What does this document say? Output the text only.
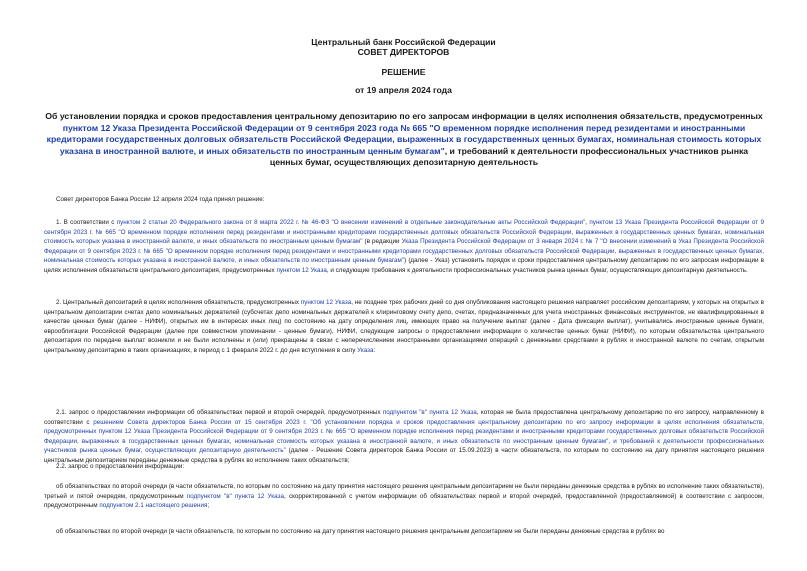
Центральный банк Российской Федерации
СОВЕТ ДИРЕКТОРОВ
РЕШЕНИЕ
от 19 апреля 2024 года
Об установлении порядка и сроков предоставления центральному депозитарию по его запросам информации в целях исполнения обязательств, предусмотренных пунктом 12 Указа Президента Российской Федерации от 9 сентября 2023 года № 665 "О временном порядке исполнения перед резидентами и иностранными кредиторами государственных долговых обязательств Российской Федерации, выраженных в государственных ценных бумагах, номинальная стоимость которых указана в иностранной валюте, и иных обязательств по иностранным ценным бумагам", и требований к деятельности профессиональных участников рынка ценных бумаг, осуществляющих депозитарную деятельность

Совет директоров Банка России 12 апреля 2024 года принял решение:

1. В соответствии с пунктом 2 статьи 20 Федерального закона от 8 марта 2022 г. № 46-ФЗ "О внесении изменений в отдельные законодательные акты Российской Федерации", пунктом 13 Указа Президента Российской Федерации от 9 сентября 2023 г. № 665 "О временном порядке исполнения перед резидентами и иностранными кредиторами государственных долговых обязательств Российской Федерации, выраженных в государственных ценных бумагах, номинальная стоимость которых указана в иностранной валюте, и иных обязательств по иностранным ценным бумагам" (в редакции Указа Президента Российской Федерации от 3 января 2024 г. № 7 "О внесении изменений в Указ Президента Российской Федерации от 9 сентября 2023 г. № 665 "О временном порядке исполнения перед резидентами и иностранными кредиторами государственных долговых обязательств Российской Федерации, выраженных в государственных ценных бумагах, номинальная стоимость которых указана в иностранной валюте, и иных обязательств по иностранным ценным бумагам") (далее - Указ) установить порядок и сроки предоставления центральному депозитарию по его запросам информации в целях исполнения обязательств центрального депозитария, предусмотренных пунктом 12 Указа, и следующие требования к деятельности профессиональных участников рынка ценных бумаг, осуществляющих депозитарную деятельность.

2. Центральный депозитарий в целях исполнения обязательств, предусмотренных пунктом 12 Указа, не позднее трех рабочих дней со дня опубликования настоящего решения направляет российским депозитариям, у которых на открытых в центральном депозитарии счетах депо номинальных держателей (субсчетах депо номинальных держателей к клиринговому счету депо, счетах, предназначенных для учета иностранных финансовых инструментов, не квалифицированных в качестве ценных бумаг (далее - НИФИ), открытых им в интересах иных лиц) по состоянию на дату определения лиц, имеющих право на получение выплат (далее - Дата фиксации выплат), учитывались иностранные ценные бумаги, еврооблигации Российской Федерации (далее при совместном упоминании - ценные бумаги), НИФИ, следующие запросы о предоставлении информации о количестве ценных бумаг (НИФИ), по которым обязательства центрального депозитария по передаче выплат возникли и не были исполнены и (или) прекращены в связи с неперечислением иностранными организациями операций с денежными средствами в рублях и иностранной валюте по счетам, открытым центральному депозитарию в таких организациях, в период с 1 февраля 2022 г. до дня вступления в силу Указа:

2.1. запрос о предоставлении информации об обязательствах первой и второй очередей, предусмотренных подпунктом "в" пункта 12 Указа, которая не была предоставлена центральному депозитарию по его запросу, направленному в соответствии с решением Совета директоров Банка России от 15 сентября 2023 г. "Об установлении порядка и сроков предоставления центральному депозитарию по его запросу информации в целях исполнения обязательств, предусмотренных пунктом 12 Указа Президента Российской Федерации от 9 сентября 2023 г. № 665 "О временном порядке исполнения перед резидентами и иностранными кредиторами государственных долговых обязательств Российской Федерации, выраженных в государственных ценных бумагах, номинальная стоимость которых указана в иностранной валюте, и иных обязательств по иностранным ценным бумагам", и требований к деятельности профессиональных участников рынка ценных бумаг, осуществляющих депозитарную деятельность" (далее - Решение Совета директоров Банка России от 15.09.2023) в части обязательств, по которым по состоянию на дату принятия настоящего решения центральным депозитарием переданы денежные средства в рублях во исполнение таких обязательств;

2.2. запрос о предоставлении информации:

об обязательствах по второй очереди (в части обязательств, по которым по состоянию на дату принятия настоящего решения центральным депозитарием не были переданы денежные средства в рублях во исполнение таких обязательств), третьей и пятой очередям, предусмотренным подпунктом "в" пункта 12 Указа, скорректированной с учетом информации об обязательствах первой и второй очередей, предоставленной (предоставляемой) в соответствии с запросом, предусмотренным подпунктом 2.1 настоящего решения;

об обязательствах по второй очереди (в части обязательств, по которым по состоянию на дату принятия настоящего решения центральным депозитарием не были переданы денежные средства в рублях во
